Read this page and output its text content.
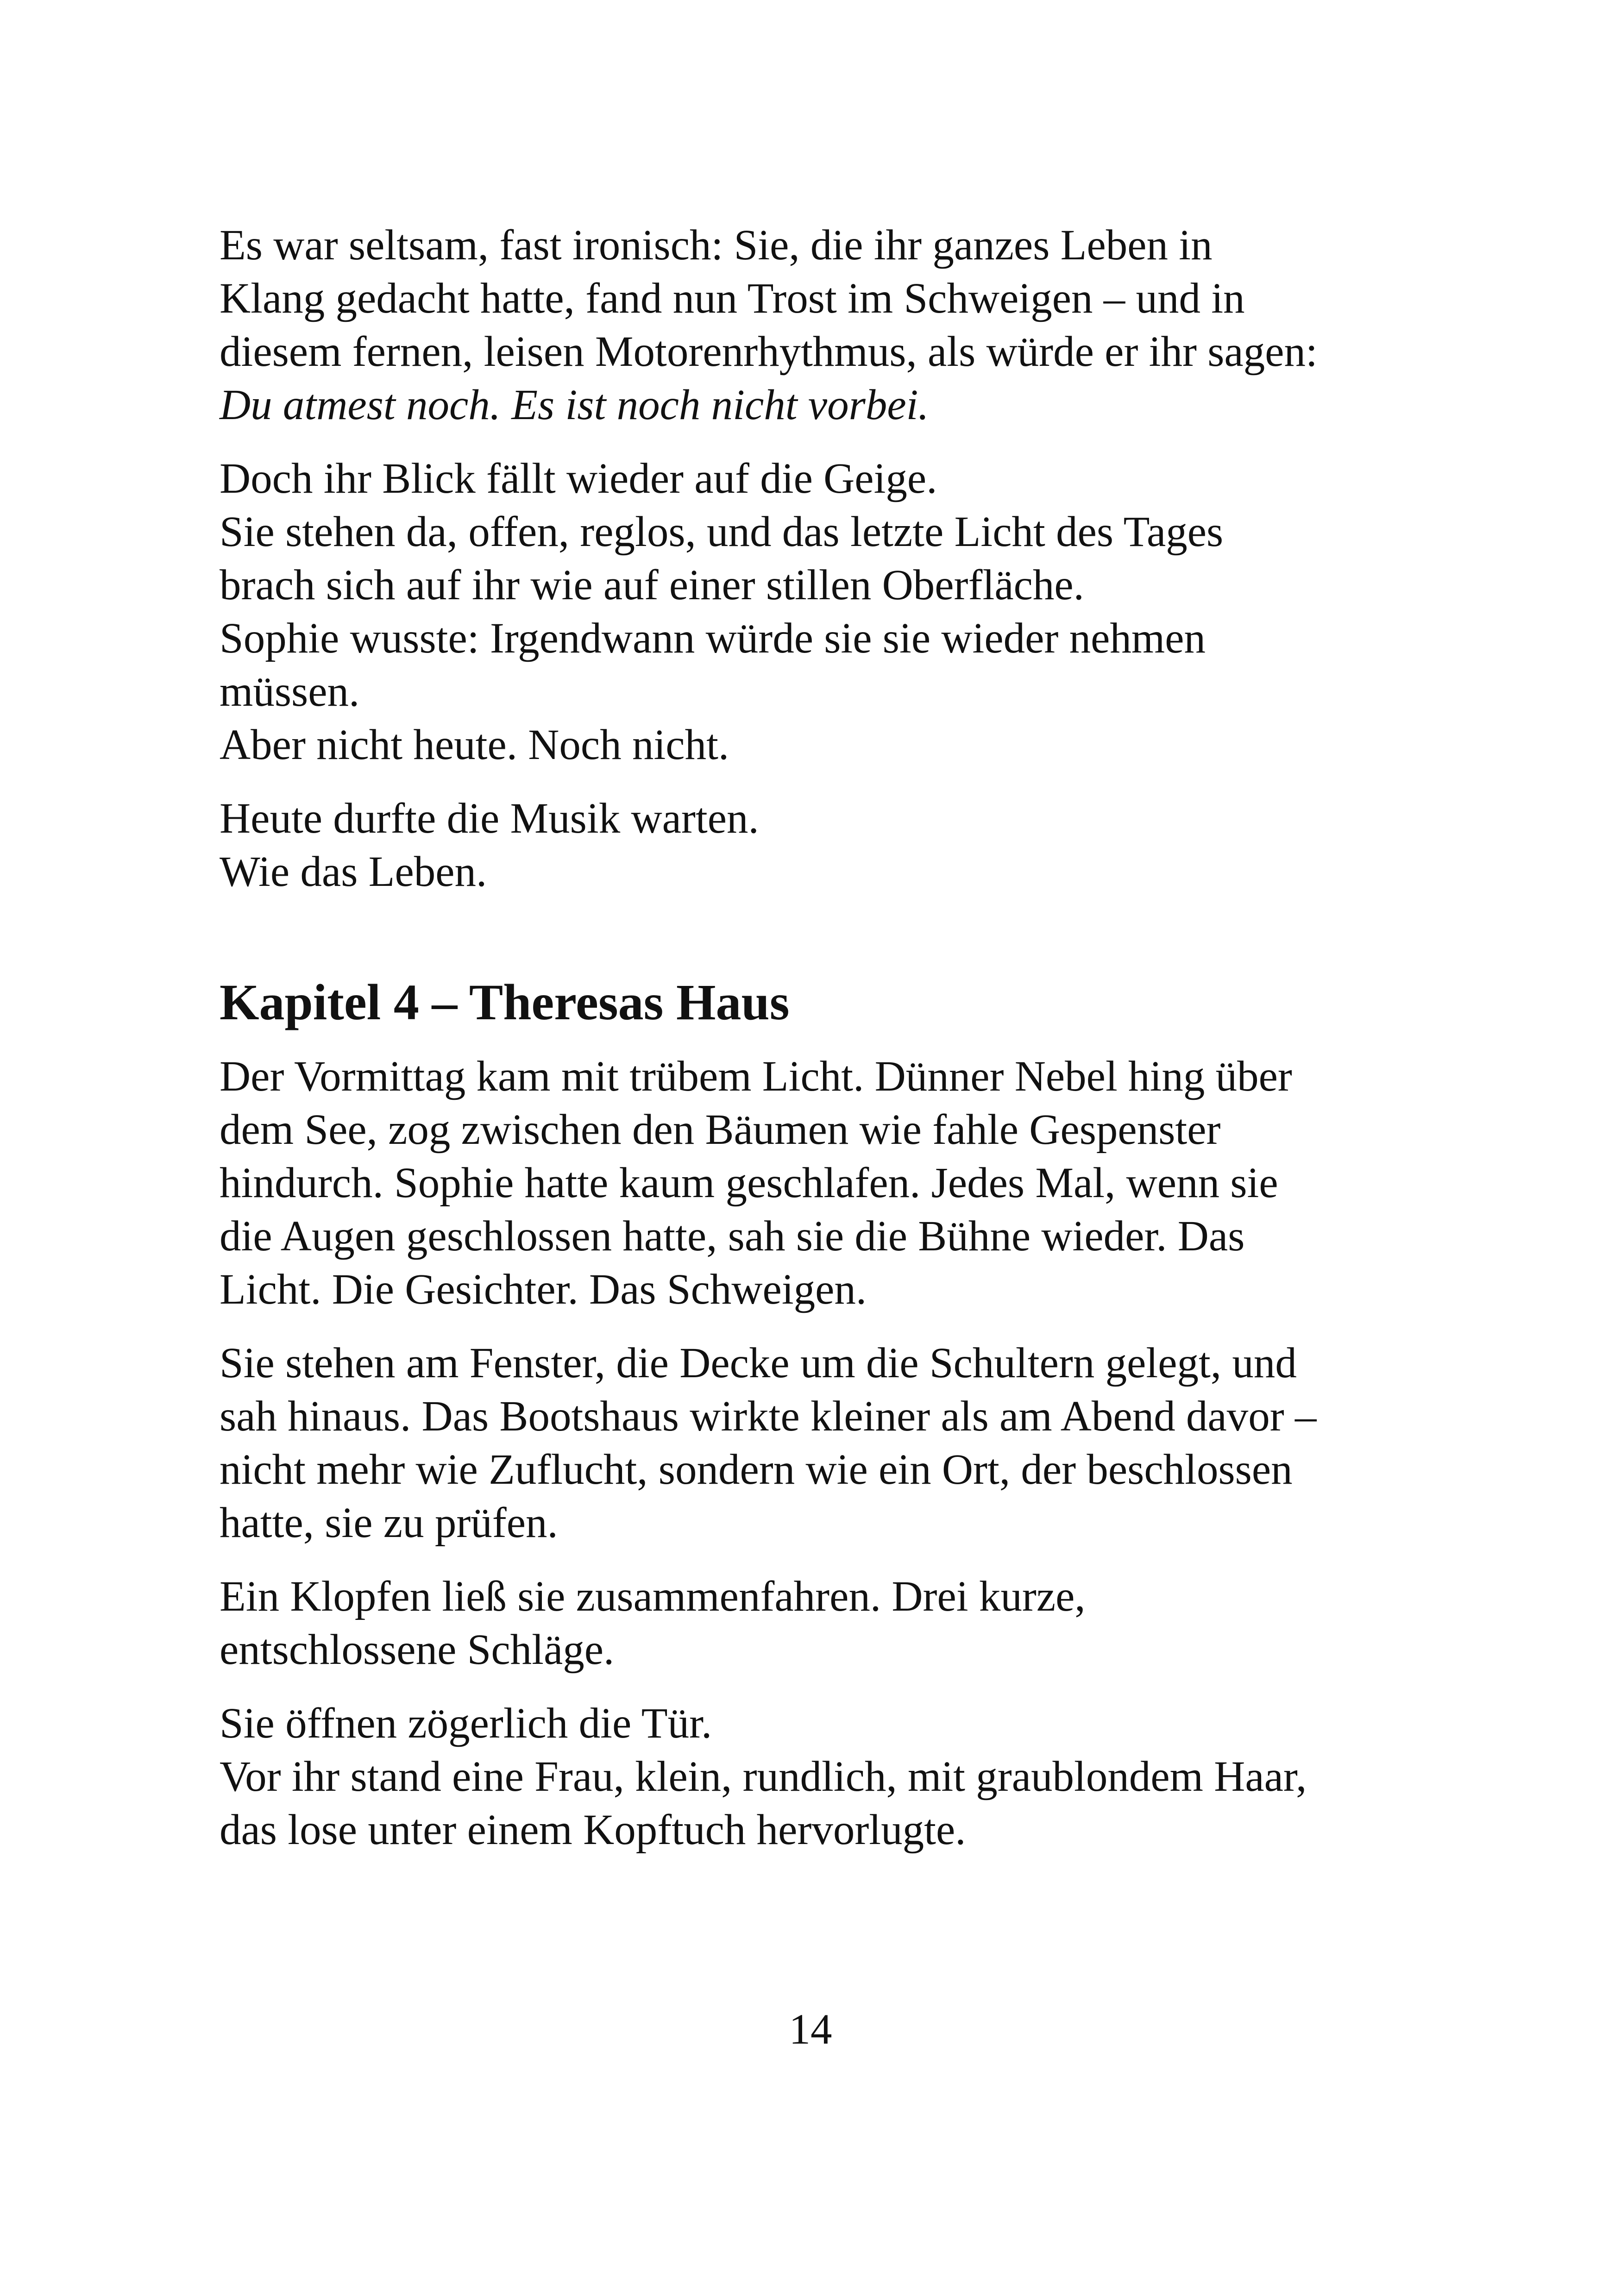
Es war seltsam, fast ironisch: Sie, die ihr ganzes Leben in
Klang gedacht hatte, fand nun Trost im Schweigen – und in
diesem fernen, leisen Motorenrhythmus, als würde er ihr sagen:
Du atmest noch. Es ist noch nicht vorbei.

Doch ihr Blick fällt wieder auf die Geige.
Sie stehen da, offen, reglos, und das letzte Licht des Tages
brach sich auf ihr wie auf einer stillen Oberfläche.
Sophie wusste: Irgendwann würde sie sie wieder nehmen
müssen.
Aber nicht heute. Noch nicht.

Heute durfte die Musik warten.
Wie das Leben.

Kapitel 4 – Theresas Haus

Der Vormittag kam mit trübem Licht. Dünner Nebel hing über
dem See, zog zwischen den Bäumen wie fahle Gespenster
hindurch. Sophie hatte kaum geschlafen. Jedes Mal, wenn sie
die Augen geschlossen hatte, sah sie die Bühne wieder. Das
Licht. Die Gesichter. Das Schweigen.

Sie stehen am Fenster, die Decke um die Schultern gelegt, und
sah hinaus. Das Bootshaus wirkte kleiner als am Abend davor –
nicht mehr wie Zuflucht, sondern wie ein Ort, der beschlossen
hatte, sie zu prüfen.

Ein Klopfen ließ sie zusammenfahren. Drei kurze,
entschlossene Schläge.

Sie öffnen zögerlich die Tür.
Vor ihr stand eine Frau, klein, rundlich, mit graublondem Haar,
das lose unter einem Kopftuch hervorlugte.

14
